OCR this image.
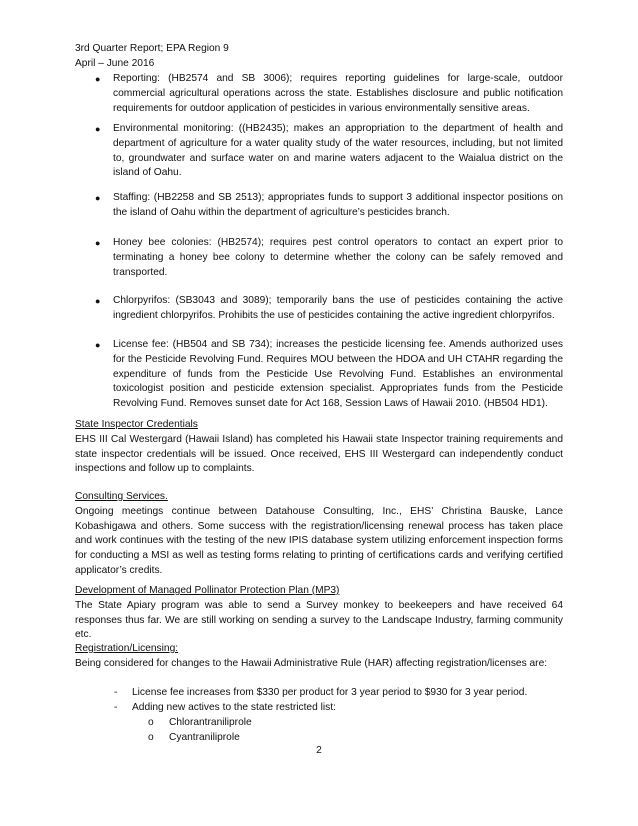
3rd Quarter Report; EPA Region 9
April – June 2016
● Reporting: (HB2574 and SB 3006); requires reporting guidelines for large-scale, outdoor commercial agricultural operations across the state. Establishes disclosure and public notification requirements for outdoor application of pesticides in various environmentally sensitive areas.
● Environmental monitoring: ((HB2435); makes an appropriation to the department of health and department of agriculture for a water quality study of the water resources, including, but not limited to, groundwater and surface water on and marine waters adjacent to the Waialua district on the island of Oahu.
● Staffing: (HB2258 and SB 2513); appropriates funds to support 3 additional inspector positions on the island of Oahu within the department of agriculture’s pesticides branch.
● Honey bee colonies: (HB2574); requires pest control operators to contact an expert prior to terminating a honey bee colony to determine whether the colony can be safely removed and transported.
● Chlorpyrifos: (SB3043 and 3089); temporarily bans the use of pesticides containing the active ingredient chlorpyrifos. Prohibits the use of pesticides containing the active ingredient chlorpyrifos.
● License fee: (HB504 and SB 734); increases the pesticide licensing fee. Amends authorized uses for the Pesticide Revolving Fund. Requires MOU between the HDOA and UH CTAHR regarding the expenditure of funds from the Pesticide Use Revolving Fund. Establishes an environmental toxicologist position and pesticide extension specialist. Appropriates funds from the Pesticide Revolving Fund. Removes sunset date for Act 168, Session Laws of Hawaii 2010. (HB504 HD1).
State Inspector Credentials
EHS III Cal Westergard (Hawaii Island) has completed his Hawaii state Inspector training requirements and state inspector credentials will be issued. Once received, EHS III Westergard can independently conduct inspections and follow up to complaints.
Consulting Services.
Ongoing meetings continue between Datahouse Consulting, Inc., EHS’ Christina Bauske, Lance Kobashigawa and others. Some success with the registration/licensing renewal process has taken place and work continues with the testing of the new IPIS database system utilizing enforcement inspection forms for conducting a MSI as well as testing forms relating to printing of certifications cards and verifying certified applicator’s credits.
Development of Managed Pollinator Protection Plan (MP3)
The State Apiary program was able to send a Survey monkey to beekeepers and have received 64 responses thus far. We are still working on sending a survey to the Landscape Industry, farming community etc.
Registration/Licensing:
Being considered for changes to the Hawaii Administrative Rule (HAR) affecting registration/licenses are:
- License fee increases from $330 per product for 3 year period to $930 for 3 year period.
- Adding new actives to the state restricted list:
o Chlorantraniliprole
o Cyantraniliprole
2
